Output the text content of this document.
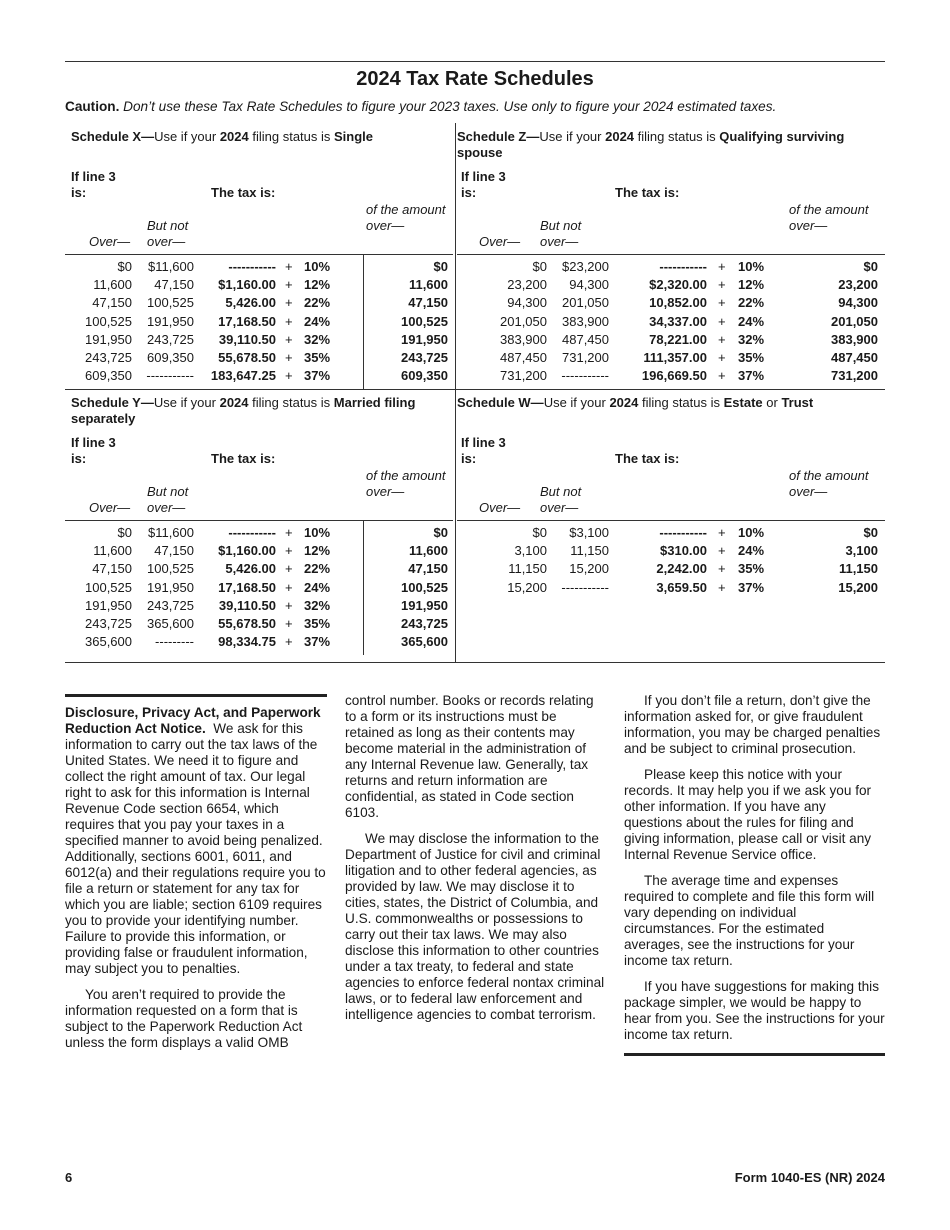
2024 Tax Rate Schedules
Caution. Don’t use these Tax Rate Schedules to figure your 2023 taxes. Use only to figure your 2024 estimated taxes.
Schedule X—Use if your 2024 filing status is Single
If line 3 is:	The tax is:
Over—
But not over—
of the amount over—
$0 $11,600	----------- + 10%	$0
11,600 47,150 $1,160.00 + 12%	11,600
47,150 100,525 5,426.00 + 22%	47,150
100,525 191,950 17,168.50 + 24%	100,525
191,950 243,725 39,110.50 + 32%	191,950
243,725 609,350 55,678.50 + 35%	243,725
609,350 ----------- 183,647.25 + 37%	609,350
Schedule Z—Use if your 2024 filing status is Qualifying surviving spouse
If line 3 is:	The tax is:
Over—
But not over—
of the amount over—
$0 $23,200	----------- + 10%	$0
23,200 94,300	$2,320.00 + 12%	23,200
94,300 201,050	10,852.00 + 22%	94,300
201,050 383,900	34,337.00 + 24%	201,050
383,900 487,450	78,221.00 + 32%	383,900
487,450 731,200	111,357.00 + 35%	487,450
731,200 -----------	196,669.50 + 37%	731,200
Schedule Y—Use if your 2024 filing status is Married filing separately
If line 3 is:	The tax is:
Over—
But not over—
of the amount over—
$0 $11,600	----------- + 10%	$0
11,600 47,150 $1,160.00 + 12%	11,600
47,150 100,525 5,426.00 + 22%	47,150
100,525 191,950 17,168.50 + 24%	100,525
191,950 243,725 39,110.50 + 32%	191,950
243,725 365,600 55,678.50 + 35%	243,725
365,600 --------- 98,334.75 + 37%	365,600
Schedule W—Use if your 2024 filing status is Estate or Trust
If line 3 is:	The tax is:
Over—
But not over—
of the amount over—
$0 $3,100	----------- + 10%	$0
3,100 11,150	$310.00 + 24%	3,100
11,150 15,200	2,242.00 + 35%	11,150
15,200 -----------	3,659.50 + 37%	15,200

Disclosure, Privacy Act, and Paperwork Reduction Act Notice. We ask for this information to carry out the tax laws of the United States. We need it to figure and collect the right amount of tax. Our legal right to ask for this information is Internal Revenue Code section 6654, which requires that you pay your taxes in a specified manner to avoid being penalized. Additionally, sections 6001, 6011, and 6012(a) and their regulations require you to file a return or statement for any tax for which you are liable; section 6109 requires you to provide your identifying number. Failure to provide this information, or providing false or fraudulent information, may subject you to penalties.

You aren’t required to provide the information requested on a form that is subject to the Paperwork Reduction Act unless the form displays a valid OMB

control number. Books or records relating to a form or its instructions must be retained as long as their contents may become material in the administration of any Internal Revenue law. Generally, tax returns and return information are confidential, as stated in Code section 6103.

We may disclose the information to the Department of Justice for civil and criminal litigation and to other federal agencies, as provided by law. We may disclose it to cities, states, the District of Columbia, and U.S. commonwealths or possessions to carry out their tax laws. We may also disclose this information to other countries under a tax treaty, to federal and state agencies to enforce federal nontax criminal laws, or to federal law enforcement and intelligence agencies to combat terrorism.

If you don’t file a return, don’t give the information asked for, or give fraudulent information, you may be charged penalties and be subject to criminal prosecution.

Please keep this notice with your records. It may help you if we ask you for other information. If you have any questions about the rules for filing and giving information, please call or visit any Internal Revenue Service office.

The average time and expenses required to complete and file this form will vary depending on individual circumstances. For the estimated averages, see the instructions for your income tax return.

If you have suggestions for making this package simpler, we would be happy to hear from you. See the instructions for your income tax return.

6	Form 1040-ES (NR) 2024
